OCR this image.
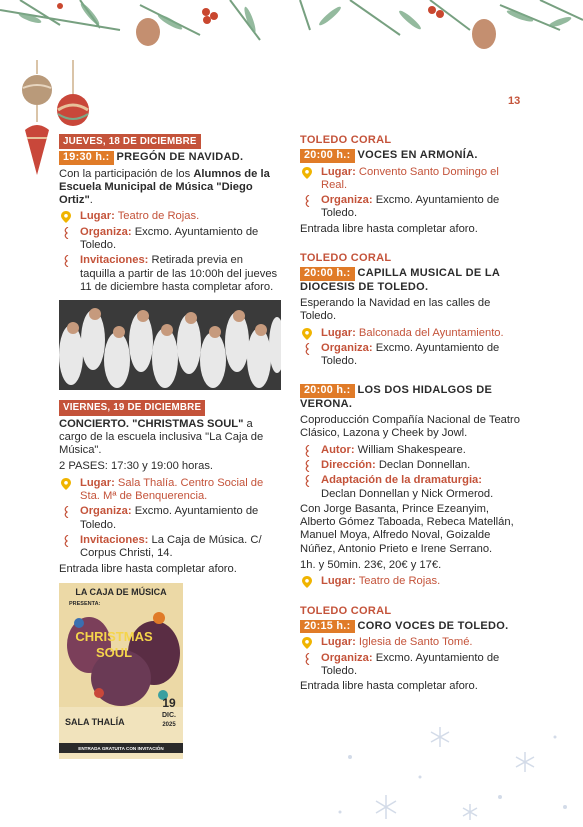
13
JUEVES, 18 DE DICIEMBRE
19:30 h.: PREGÓN DE NAVIDAD.
Con la participación de los Alumnos de la Escuela Municipal de Música "Diego Ortiz".
Lugar: Teatro de Rojas.
Organiza: Excmo. Ayuntamiento de Toledo.
Invitaciones: Retirada previa en taquilla a partir de las 10:00h del jueves 11 de diciembre hasta completar aforo.
VIERNES, 19 DE DICIEMBRE
CONCIERTO. "CHRISTMAS SOUL" a cargo de la escuela inclusiva "La Caja de Música".
2 PASES: 17:30 y 19:00 horas.
Lugar: Sala Thalía. Centro Social de Sta. Mª de Benquerencia.
Organiza: Excmo. Ayuntamiento de Toledo.
Invitaciones: La Caja de Música. C/ Corpus Christi, 14.
Entrada libre hasta completar aforo.
LA CAJA DE MÚSICA
PRESENTA:
CHRISTMAS
SOUL
SALA THALÍA
19
DIC.
2025
ENTRADA GRATUITA CON INVITACIÓN
TOLEDO CORAL
20:00 h.: VOCES EN ARMONÍA.
Lugar: Convento Santo Domingo el Real.
Organiza: Excmo. Ayuntamiento de Toledo.
Entrada libre hasta completar aforo.
TOLEDO CORAL
20:00 h.: CAPILLA MUSICAL DE LA DIOCESIS DE TOLEDO.
Esperando la Navidad en las calles de Toledo.
Lugar: Balconada del Ayuntamiento.
Organiza: Excmo. Ayuntamiento de Toledo.
20:00 h.: LOS DOS HIDALGOS DE VERONA.
Coproducción Compañía Nacional de Teatro Clásico, Lazona y Cheek by Jowl.
Autor: William Shakespeare.
Dirección: Declan Donnellan.
Adaptación de la dramaturgia:
Declan Donnellan y Nick Ormerod.
Con Jorge Basanta, Prince Ezeanyim, Alberto Gómez Taboada, Rebeca Matellán, Manuel Moya, Alfredo Noval, Goizalde Núñez, Antonio Prieto e Irene Serrano.
1h. y 50min. 23€, 20€ y 17€.
Lugar: Teatro de Rojas.
TOLEDO CORAL
20:15 h.: CORO VOCES DE TOLEDO.
Lugar: Iglesia de Santo Tomé.
Organiza: Excmo. Ayuntamiento de Toledo.
Entrada libre hasta completar aforo.
